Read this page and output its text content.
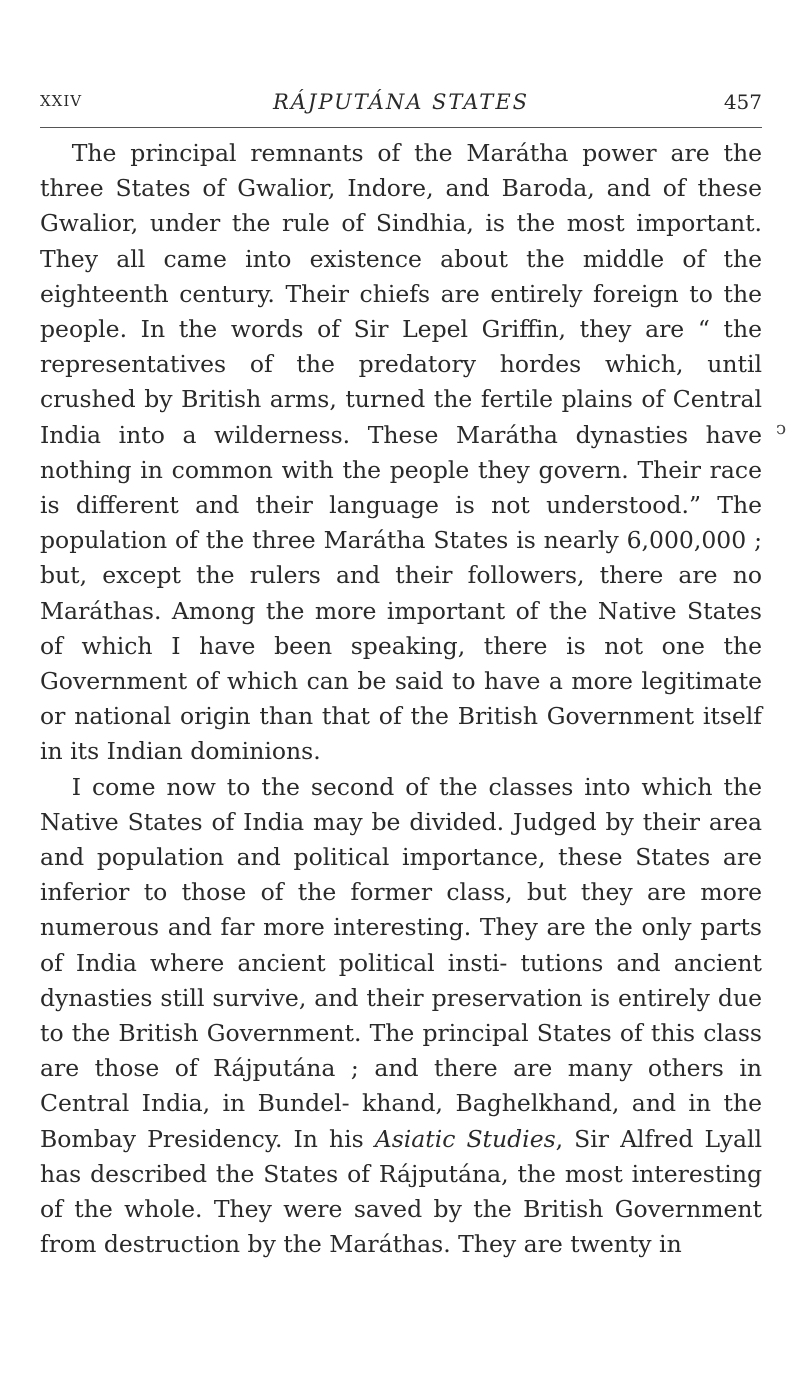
XXIV	RÁJPUTÁNA STATES	457

The principal remnants of the Marátha power are the three States of Gwalior, Indore, and Baroda, and of these Gwalior, under the rule of Sindhia, is the most important. They all came into existence about the middle of the eighteenth century. Their chiefs are entirely foreign to the people. In the words of Sir Lepel Griffin, they are “ the representatives of the predatory hordes which, until crushed by British arms, turned the fertile plains of Central India into a wilderness. These Marátha dynasties have nothing in common with the people they govern. Their race is different and their language is not understood.” The population of the three Marátha States is nearly 6,000,000 ; but, except the rulers and their followers, there are no Maráthas. Among the more important of the Native States of which I have been speaking, there is not one the Government of which can be said to have a more legitimate or national origin than that of the British Government itself in its Indian dominions.

I come now to the second of the classes into which the Native States of India may be divided. Judged by their area and population and political importance, these States are inferior to those of the former class, but they are more numerous and far more interesting. They are the only parts of India where ancient political insti- tutions and ancient dynasties still survive, and their preservation is entirely due to the British Government. The principal States of this class are those of Rájputána ; and there are many others in Central India, in Bundel- khand, Baghelkhand, and in the Bombay Presidency. In his Asiatic Studies, Sir Alfred Lyall has described the States of Rájputána, the most interesting of the whole. They were saved by the British Government from destruction by the Maráthas. They are twenty in

ↄ
